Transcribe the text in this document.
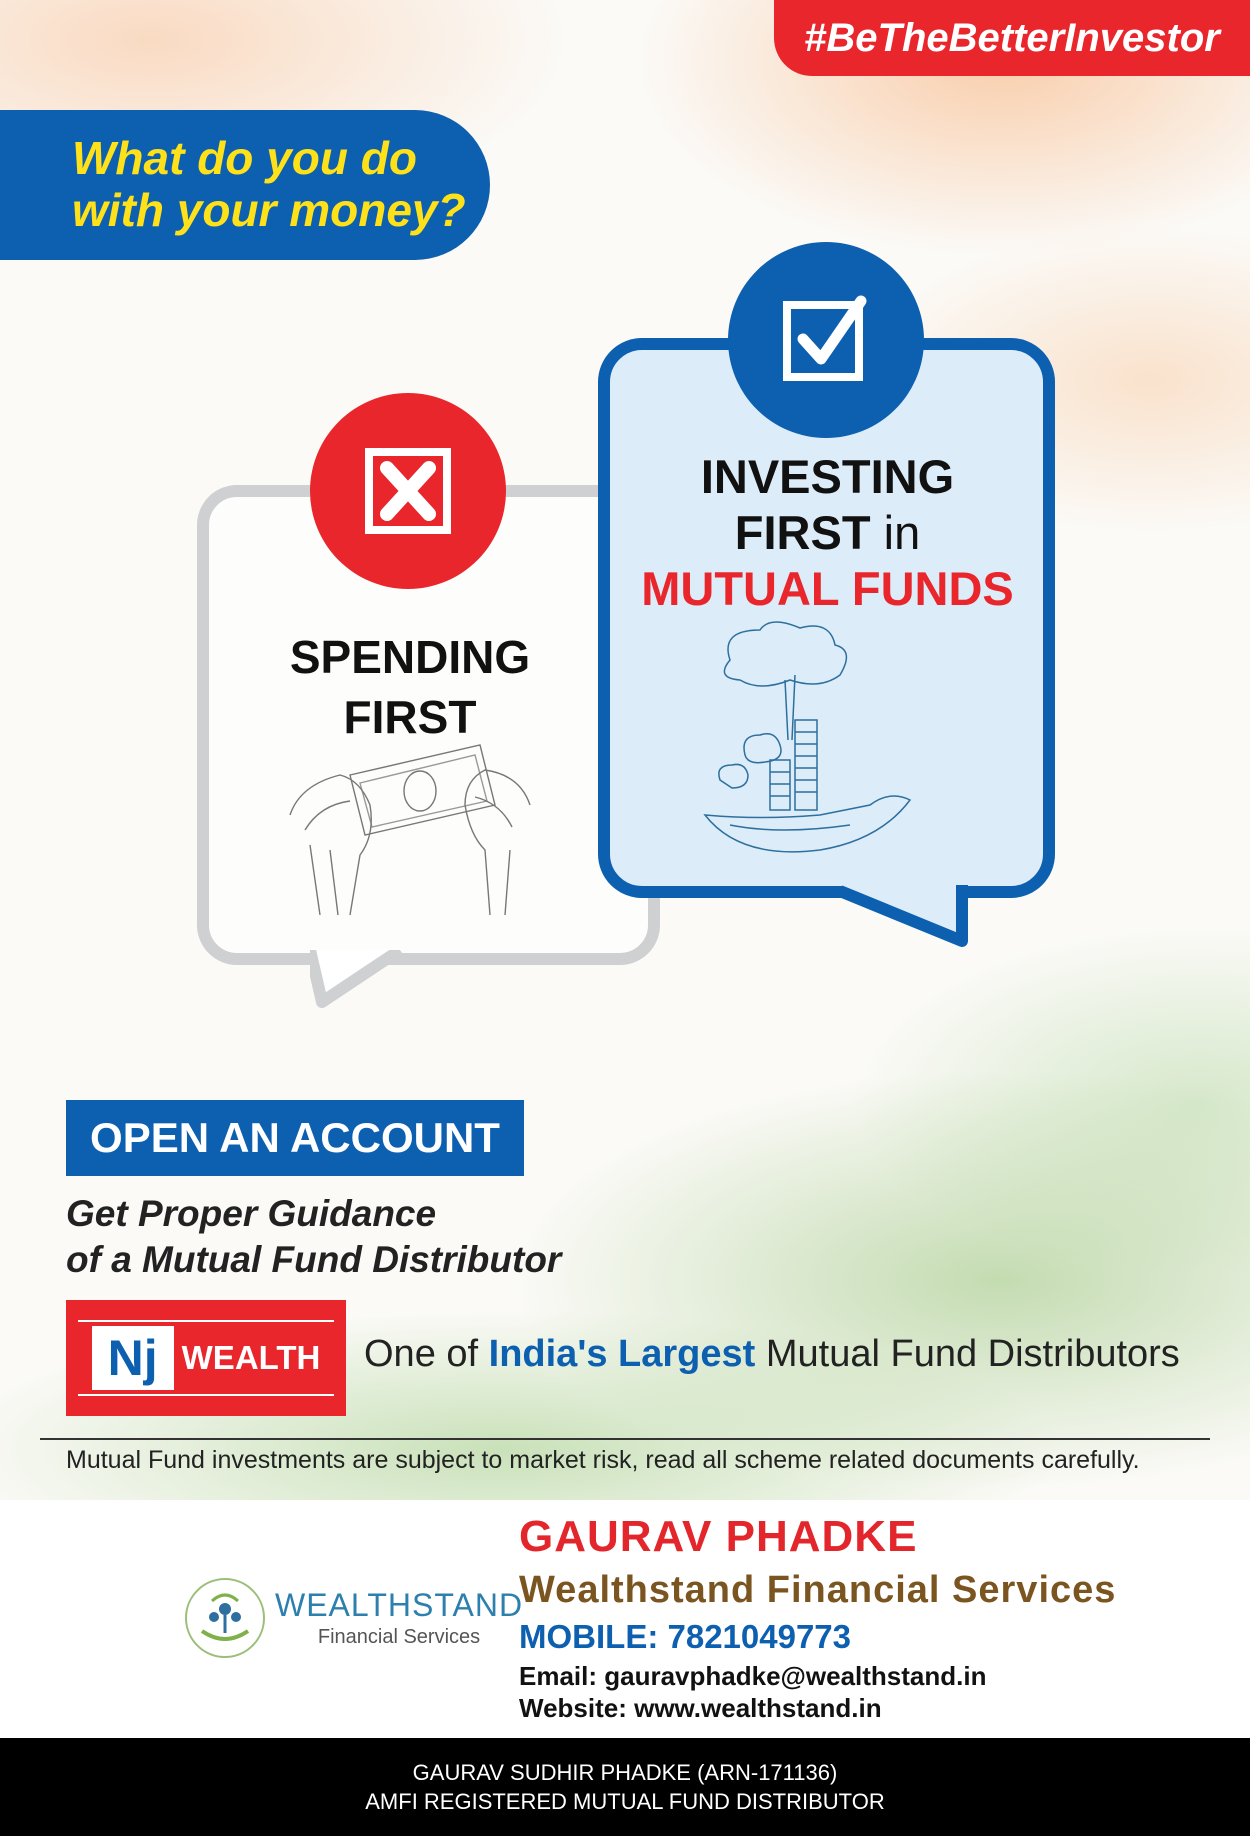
#BeTheBetterInvestor
What do you do
with your money?
SPENDING
FIRST
INVESTING
FIRST in
MUTUAL FUNDS
OPEN AN ACCOUNT
Get Proper Guidance
of a Mutual Fund Distributor
Nj WEALTH One of India's Largest Mutual Fund Distributors
Mutual Fund investments are subject to market risk, read all scheme related documents carefully.
WEALTHSTAND
Financial Services
GAURAV PHADKE
Wealthstand Financial Services
MOBILE: 7821049773
Email: gauravphadke@wealthstand.in
Website: www.wealthstand.in
GAURAV SUDHIR PHADKE (ARN-171136)
AMFI REGISTERED MUTUAL FUND DISTRIBUTOR
